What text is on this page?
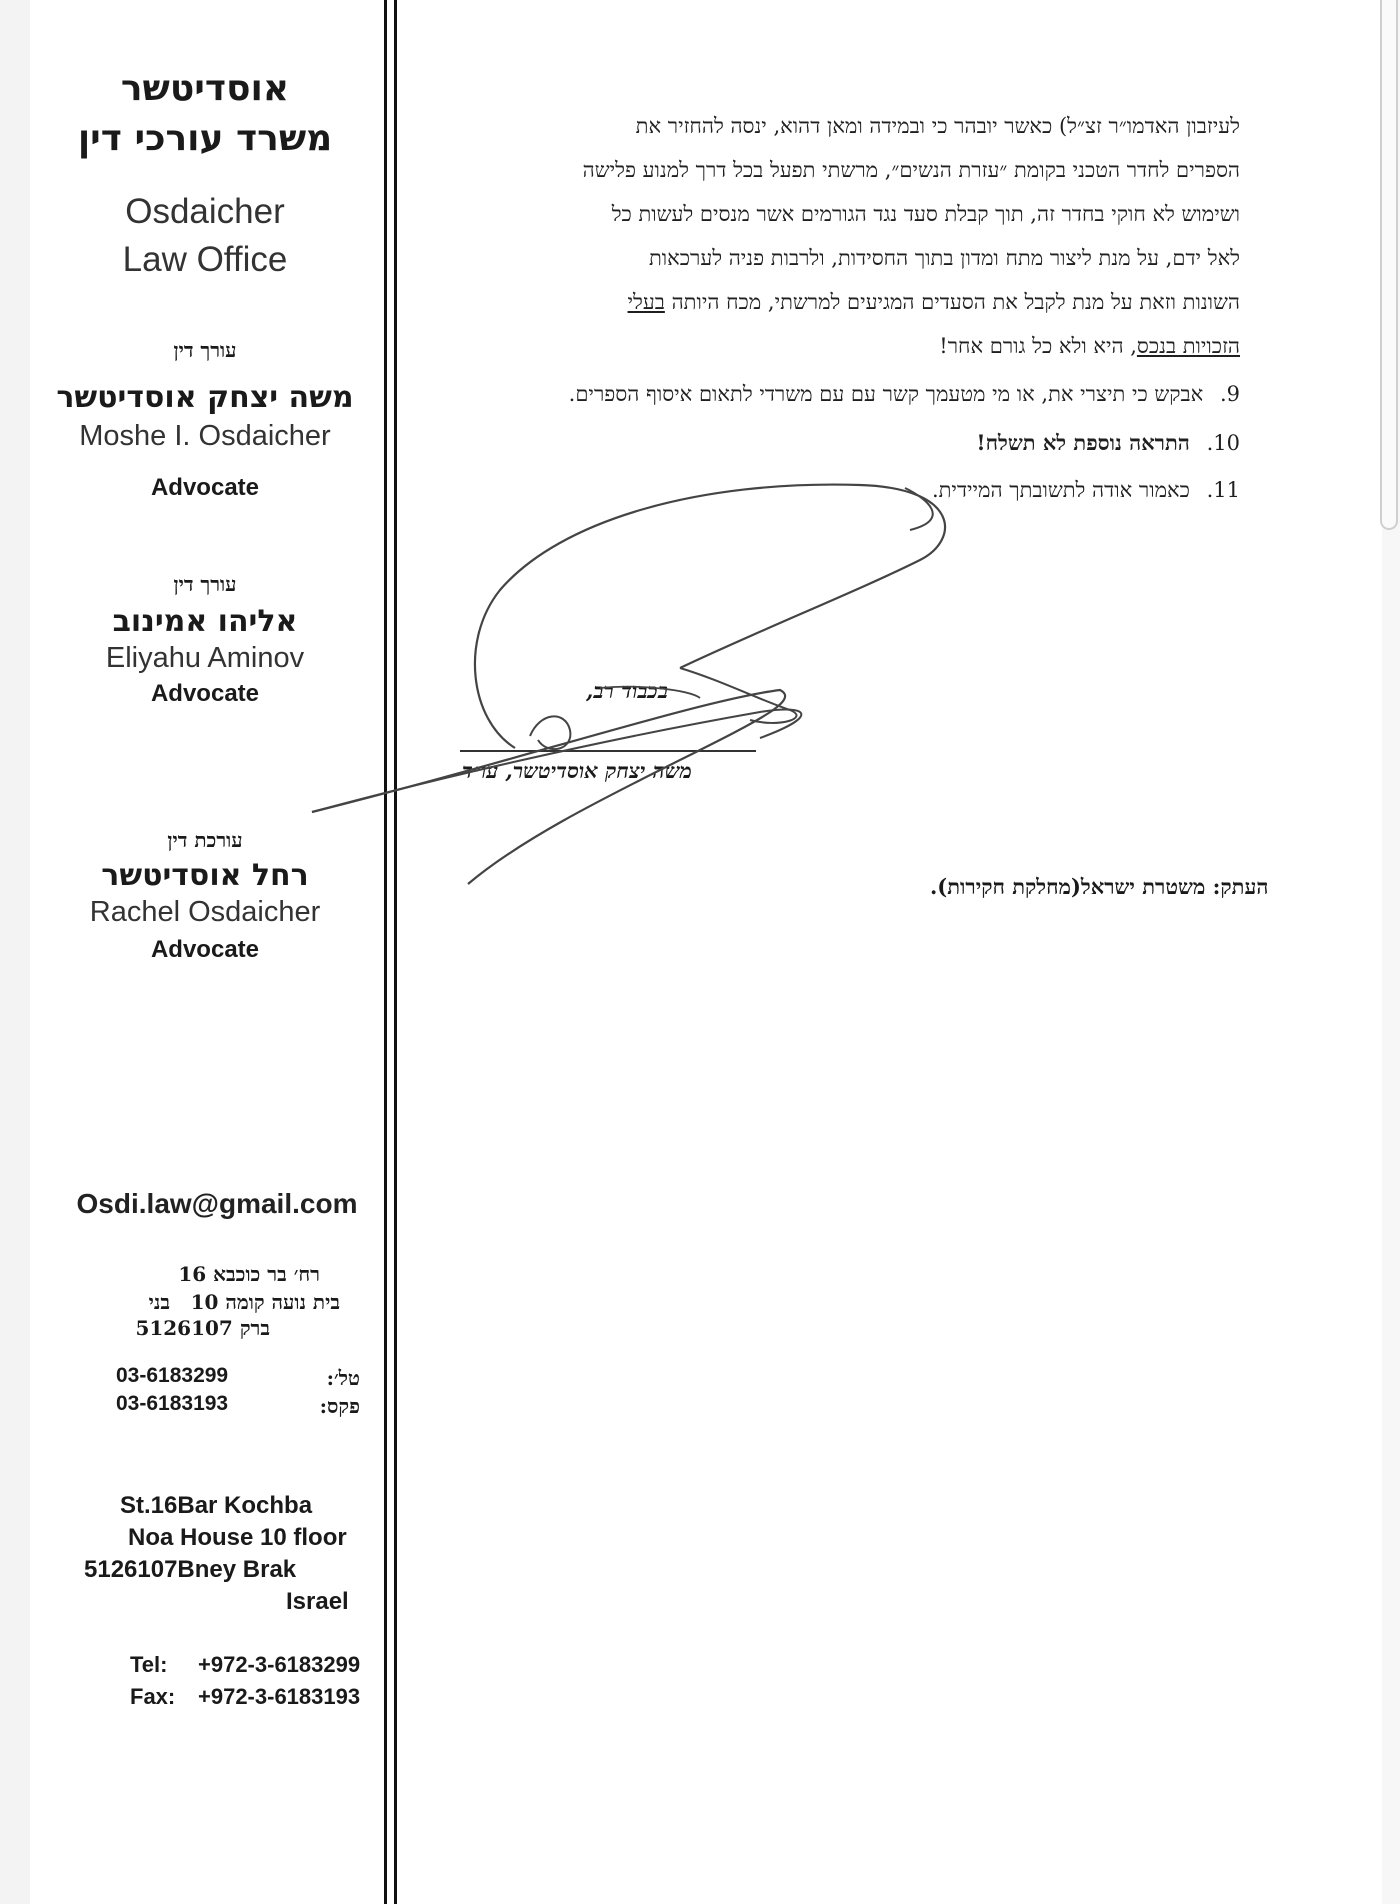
אוסדיטשר
משרד עורכי דין
Osdaicher
Law Office
עורך דין
משה יצחק אוסדיטשר
Moshe I. Osdaicher
Advocate
עורך דין
אליהו אמינוב
Eliyahu Aminov
Advocate
עורכת דין
רחל אוסדיטשר
Rachel Osdaicher
Advocate
Osdi.law@gmail.com
רח׳ בר כוכבא 16
בית נועה קומה 10
בני
ברק 5126107
טל׳:
03-6183299
פקס:
03-6183193
St.16Bar Kochba
Noa House 10 floor
5126107Bney Brak
Israel
Tel: +972-3-6183299
Fax: +972-3-6183193
לעיזבון האדמו״ר זצ״ל) כאשר יובהר כי ובמידה ומאן דהוא, ינסה להחזיר את
הספרים לחדר הטכני בקומת ״עזרת הנשים״, מרשתי תפעל בכל דרך למנוע פלישה
ושימוש לא חוקי בחדר זה, תוך קבלת סעד נגד הגורמים אשר מנסים לעשות כל
לאל ידם, על מנת ליצור מתח ומדון בתוך החסידות, ולרבות פניה לערכאות
השונות וזאת על מנת לקבל את הסעדים המגיעים למרשתי, מכח היותה בעלי
הזכויות בנכס, היא ולא כל גורם אחר!
9. אבקש כי תיצרי את, או מי מטעמך קשר עם עם משרדי לתאום איסוף הספרים.
10. התראה נוספת לא תשלח!
11. כאמור אודה לתשובתך המיידית.
בכבוד רב,
משה יצחק אוסדיטשר, עו״ד
העתק: משטרת ישראל(מחלקת חקירות).
